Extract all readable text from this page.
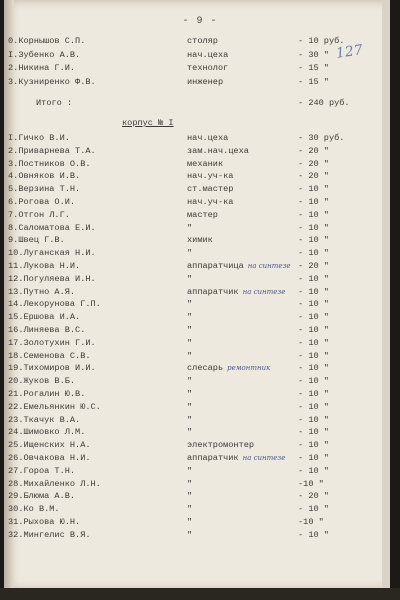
- 9 -
127
0.Корнышов С.П.	столяр	- 10 руб.
I.Зубенко А.В.	нач.цеха	- 30 "
2.Никина Г.И.	технолог	- 15 "
3.Кузниренко Ф.В.	инженер	- 15 "
Итого :	- 240 руб.
корпус № I
I.Гичко В.И.	нач.цеха	- 30 руб.
2.Приварнева Т.А.	зам.нач.цеха	- 20 "
3.Постников О.В.	механик	- 20 "
4.Овняков И.В.	нач.уч-ка	- 20 "
5.Верзина Т.Н.	ст.мастер	- 10 "
6.Рогова О.И.	нач.уч-ка	- 10 "
7.Отгон Л.Г.	мастер	- 10 "
8.Саломатова Е.И.	"	- 10 "
9.Швец Г.В.	химик	- 10 "
10.Луганская Н.И.	"	- 10 "
11.Лукова Н.И.	аппаратчица на синтезе - 20 "
12.Погуляева И.Н.	"	- 10 "
13.Путно А.Я.	аппаратчик на синтезе - 10 "
14.Лекорунова Г.П.	"	- 10 "
15.Ершова И.А.	"	- 10 "
16.Линяева В.С.	"	- 10 "
17.Золотухин Г.И.	"	- 10 "
18.Семенова С.В.	"	- 10 "
19.Тихомиров И.И.	слесарь ремонтник	- 10 "
20.Жуков В.Б.	"	- 10 "
21.Рогалин Ю.В.	"	- 10 "
22.Емельянкин Ю.С.	"	- 10 "
23.Ткачук В.А.	"	- 10 "
24.Шимовко Л.М.	"	- 10 "
25.Ищенских Н.А.	электромонтер	- 10 "
26.Овчакова Н.И.	аппаратчик на синтезе - 10 "
27.Гороа Т.Н.	"	- 10 "
28.Михайленко Л.Н.	"	-10 "
29.Блюма А.В.	"	- 20 "
30.Ко В.М.	"	- 10 "
31.Рыхова Ю.Н.	"	-10 "
32.Мингелис В.Я.	"	- 10 "
